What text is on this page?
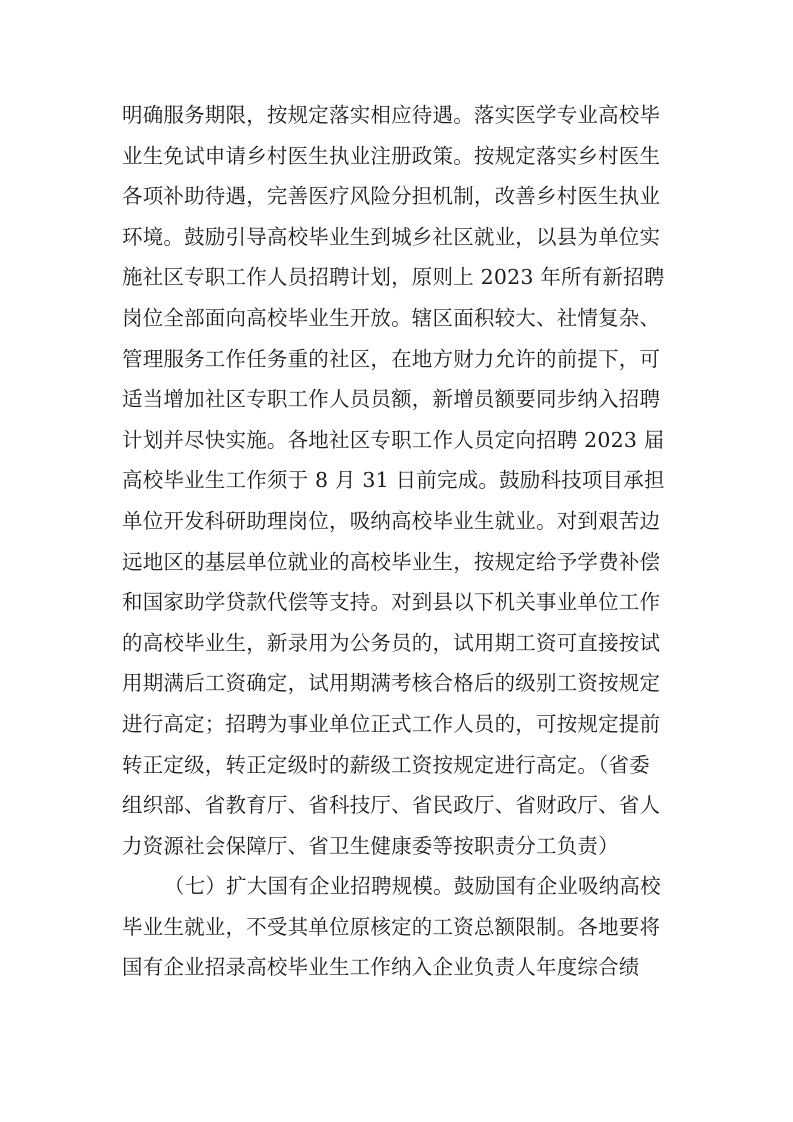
明确服务期限，按规定落实相应待遇。落实医学专业高校毕
业生免试申请乡村医生执业注册政策。按规定落实乡村医生
各项补助待遇，完善医疗风险分担机制，改善乡村医生执业
环境。鼓励引导高校毕业生到城乡社区就业，以县为单位实
施社区专职工作人员招聘计划，原则上 2023 年所有新招聘
岗位全部面向高校毕业生开放。辖区面积较大、社情复杂、
管理服务工作任务重的社区，在地方财力允许的前提下，可
适当增加社区专职工作人员员额，新增员额要同步纳入招聘
计划并尽快实施。各地社区专职工作人员定向招聘 2023 届
高校毕业生工作须于 8 月 31 日前完成。鼓励科技项目承担
单位开发科研助理岗位，吸纳高校毕业生就业。对到艰苦边
远地区的基层单位就业的高校毕业生，按规定给予学费补偿
和国家助学贷款代偿等支持。对到县以下机关事业单位工作
的高校毕业生，新录用为公务员的，试用期工资可直接按试
用期满后工资确定，试用期满考核合格后的级别工资按规定
进行高定；招聘为事业单位正式工作人员的，可按规定提前
转正定级，转正定级时的薪级工资按规定进行高定。（省委
组织部、省教育厅、省科技厅、省民政厅、省财政厅、省人
力资源社会保障厅、省卫生健康委等按职责分工负责）
（七）扩大国有企业招聘规模。鼓励国有企业吸纳高校
毕业生就业，不受其单位原核定的工资总额限制。各地要将
国有企业招录高校毕业生工作纳入企业负责人年度综合绩
